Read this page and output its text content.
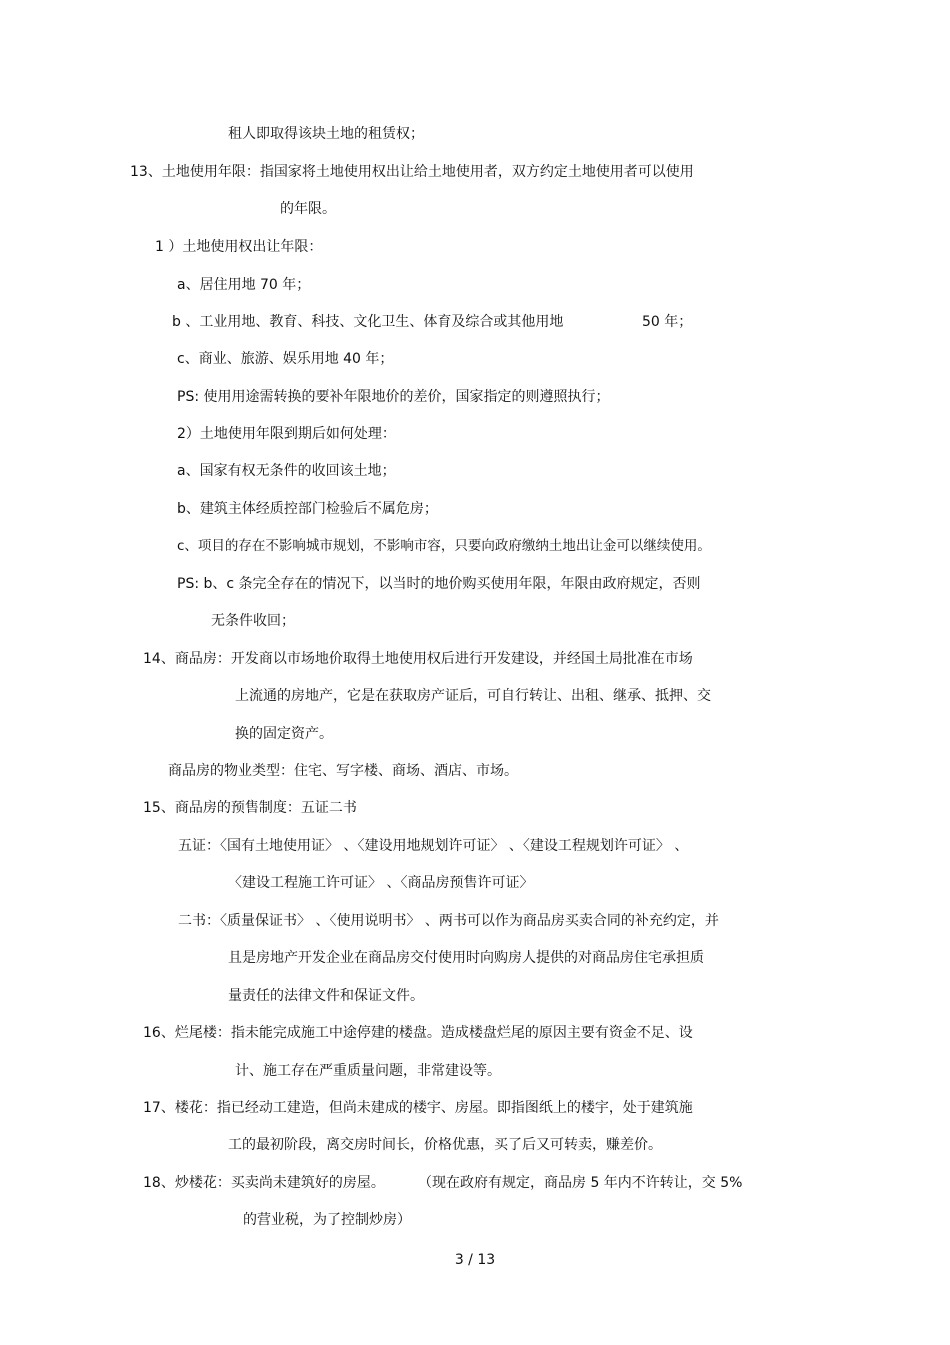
租人即取得该块土地的租赁权；
13、土地使用年限：指国家将土地使用权出让给土地使用者，双方约定土地使用者可以使用
的年限。
1 ）土地使用权出让年限：
a、居住用地 70 年；
b 、工业用地、教育、科技、文化卫生、体育及综合或其他用地	50 年；
c、商业、旅游、娱乐用地 40 年；
PS: 使用用途需转换的要补年限地价的差价，国家指定的则遵照执行；
2）土地使用年限到期后如何处理：
a、国家有权无条件的收回该土地；
b、建筑主体经质控部门检验后不属危房；
c、项目的存在不影响城市规划，不影响市容，只要向政府缴纳土地出让金可以继续使用。
PS: b、c 条完全存在的情况下，以当时的地价购买使用年限，年限由政府规定，否则
无条件收回；
14、商品房：开发商以市场地价取得土地使用权后进行开发建设，并经国土局批准在市场
上流通的房地产，它是在获取房产证后，可自行转让、出租、继承、抵押、交
换的固定资产。
商品房的物业类型：住宅、写字楼、商场、酒店、市场。
15、商品房的预售制度：五证二书
五证：〈国有土地使用证〉 、〈建设用地规划许可证〉 、〈建设工程规划许可证〉 、
〈建设工程施工许可证〉 、〈商品房预售许可证〉
二书：〈质量保证书〉 、〈使用说明书〉 、两书可以作为商品房买卖合同的补充约定，并
且是房地产开发企业在商品房交付使用时向购房人提供的对商品房住宅承担质
量责任的法律文件和保证文件。
16、烂尾楼：指未能完成施工中途停建的楼盘。造成楼盘烂尾的原因主要有资金不足、设
计、施工存在严重质量问题，非常建设等。
17、楼花：指已经动工建造，但尚未建成的楼宇、房屋。即指图纸上的楼宇，处于建筑施
工的最初阶段，离交房时间长，价格优惠，买了后又可转卖，赚差价。
18、炒楼花：买卖尚未建筑好的房屋。 （现在政府有规定，商品房 5 年内不许转让，交 5%
的营业税，为了控制炒房）
3 / 13
